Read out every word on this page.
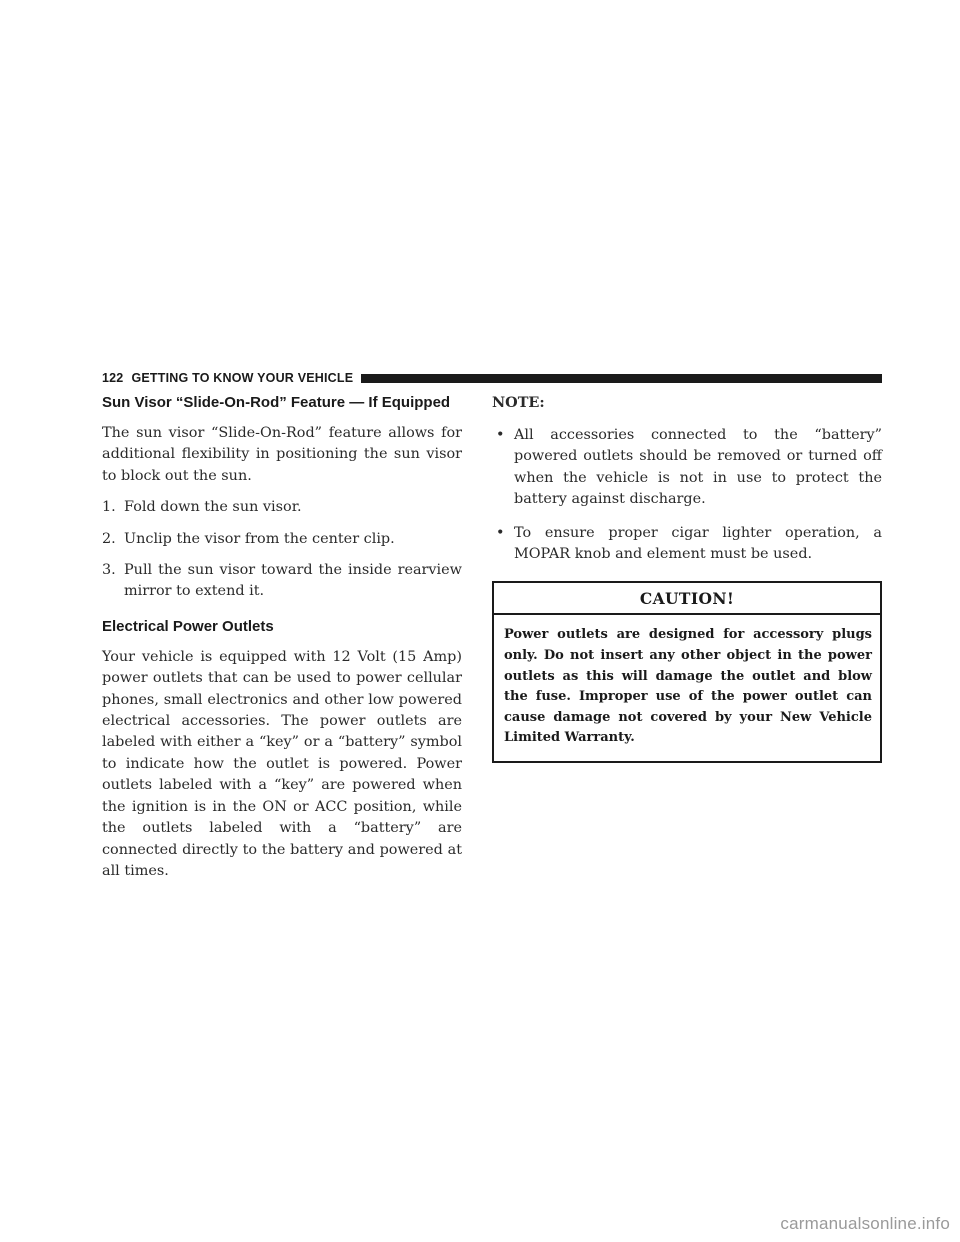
122 GETTING TO KNOW YOUR VEHICLE
Sun Visor “Slide-On-Rod” Feature — If Equipped

The sun visor “Slide-On-Rod” feature allows for additional flexibility in positioning the sun visor to block out the sun.

1. Fold down the sun visor.
2. Unclip the visor from the center clip.
3. Pull the sun visor toward the inside rearview mirror to extend it.
Electrical Power Outlets

Your vehicle is equipped with 12 Volt (15 Amp) power outlets that can be used to power cellular phones, small electronics and other low powered electrical accessories. The power outlets are labeled with either a “key” or a “battery” symbol to indicate how the outlet is powered. Power outlets labeled with a “key” are powered when the ignition is in the ON or ACC position, while the outlets labeled with a “battery” are connected directly to the battery and powered at all times.

NOTE:
• All accessories connected to the “battery” powered outlets should be removed or turned off when the vehicle is not in use to protect the battery against discharge.
• To ensure proper cigar lighter operation, a MOPAR knob and element must be used.
CAUTION!
Power outlets are designed for accessory plugs only. Do not insert any other object in the power outlets as this will damage the outlet and blow the fuse. Improper use of the power outlet can cause damage not covered by your New Vehicle Limited Warranty.
carmanualsonline.info
